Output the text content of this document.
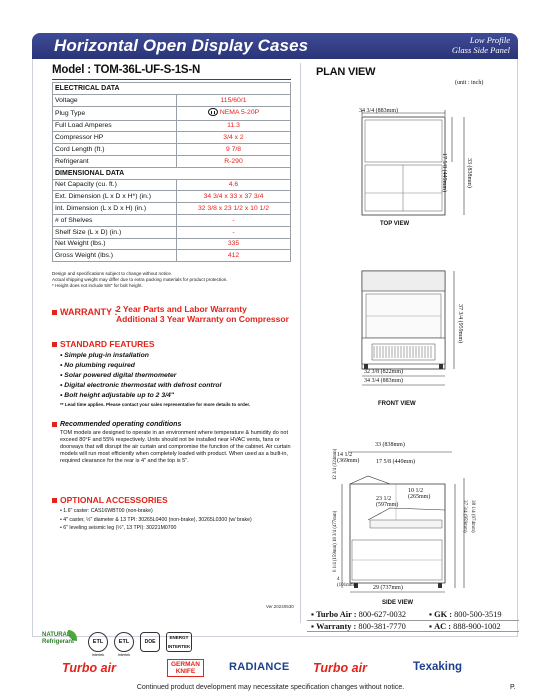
Horizontal Open Display Cases	Low Profile
Glass Side Panel
Model : TOM-36L-UF-S-1S-N
ELECTRICAL DATA	
Voltage	115/60/1
Plug Type	NEMA 5-20P

Full Load Amperes	11.3
Compressor HP	3/4 x 2
Cord Length (ft.)	9 7/8
Refrigerant	R-290
DIMENSIONAL DATA	
Net Capacity (cu. ft.)	4.6
Ext. Dimension (L x D x H*) (in.)	34 3/4 x 33 x 37 3/4
Int. Dimension (L x D x H) (in.)	32 3/8 x 23 1/2 x 10 1/2
# of Shelves	-
Shelf Size (L x D) (in.)	-
Net Weight (lbs.)	335
Gross Weight (lbs.)	412
Design and specifications subject to change without notice.
Actual shipping weight may differ due to extra packing materials for product protection.
* Height does not include 5/8" for bolt height.
WARRANTY :
2 Year Parts and Labor Warranty
Additional 3 Year Warranty on Compressor
STANDARD FEATURES
• Simple plug-in installation
• No plumbing required
• Solar powered digital thermometer
• Digital electronic thermostat with defrost control
• Bolt height adjustable up to 2 3/4"
** Lead time applies. Please contact your sales representative for more details to order.
Recommended operating conditions
TOM models are designed to operate in an environment where temperature & humidity do not exceed 80°F and 55% respectively. Units should not be installed near HVAC vents, fans or doorways that will disrupt the air curtain and compromise the function of the cabinet. Air curtain models will run most efficiently when completely loaded with product. When used as a built-in, required clearance for the rear is 4" and the top is 5".
OPTIONAL ACCESSORIES
• 1.6" caster: CAS16WBT00 (non-brake)
• 4" caster, ½" diameter & 13 TPI: 30265L0400 (non-brake), 30265L0300 (w/ brake)
• 6" leveling seismic leg (½", 13 TPI): 30221M0700
Ver.20240530
PLAN VIEW
(unit : inch)
34 3/4 (883mm)
17 5/8 (449mm)	33 (838mm)
TOP VIEW
32 3/8 (822mm)
34 3/4 (883mm)
37 3/4 (959mm)
FRONT VIEW
33 (838mm)
14 1/2 (369mm)	17 5/8 (449mm)
10 1/2 (265mm)
23 1/2 (597mm)
12 3/4 (324mm)
18 3/4 (477mm)
6 1/4 (159mm)
4 (101mm)
37 3/4 (959mm) 38 1/4 (974mm)
29 (737mm)
SIDE VIEW
NATURAL
Refrigerant	ETL
Intertek
ETL
Intertek
DOE
ENERGY
INTERTEK
▪ Turbo Air : 800-627-0032	▪ GK : 800-500-3519
▪ Warranty : 800-381-7770	▪ AC : 888-900-1002
Turbo air	GERMAN
KNIFE	RADIANCE Turbo air	Texaking
Continued product development may necessitate specification changes without notice.	P.
